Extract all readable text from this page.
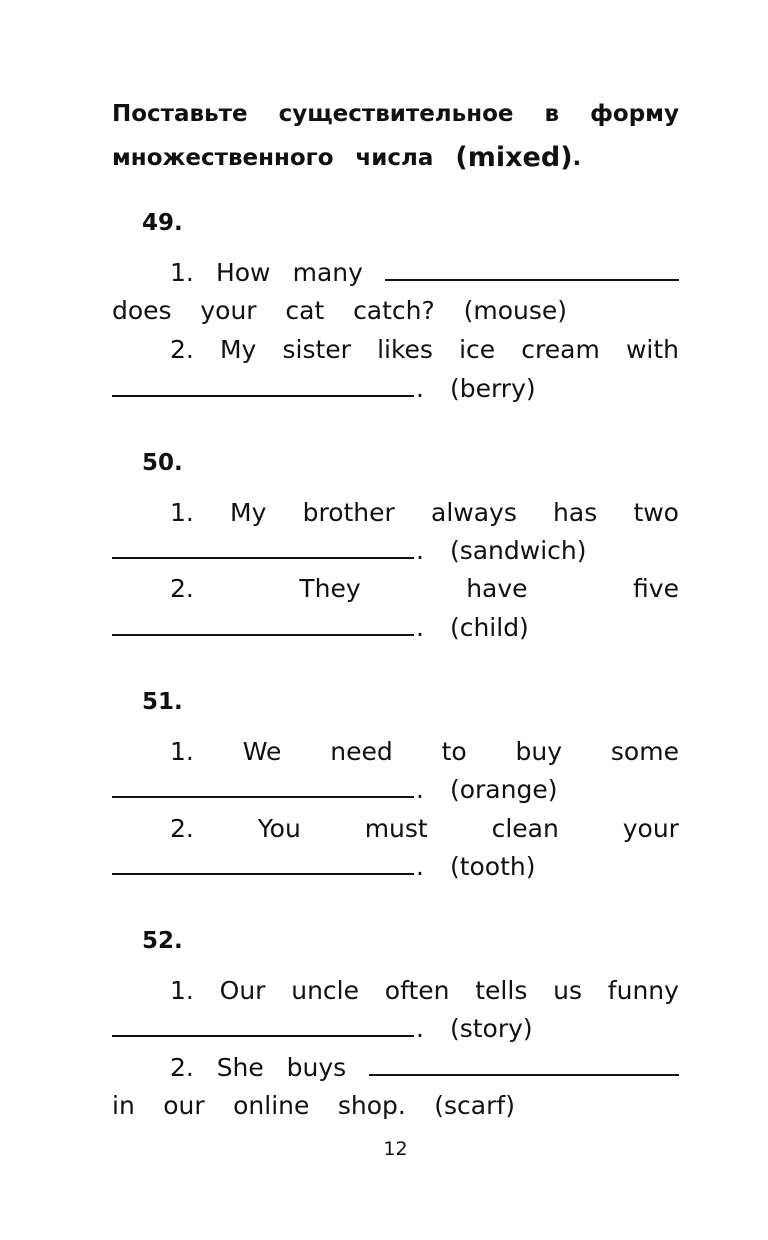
Поставьте существительное в форму
множественного числа (mixed) .
49.
1. How many
does your cat catch? (mouse)
2. My sister likes ice cream with
. (berry)
50.
1. My brother always has two
. (sandwich)
2.	They	have	five
. (child)
51.
1. We need to buy some
. (orange)
2.	You	must	clean	your
. (tooth)
52.
1. Our uncle often tells us funny
. (story)
2. She buys
in our online shop. (scarf)
12
